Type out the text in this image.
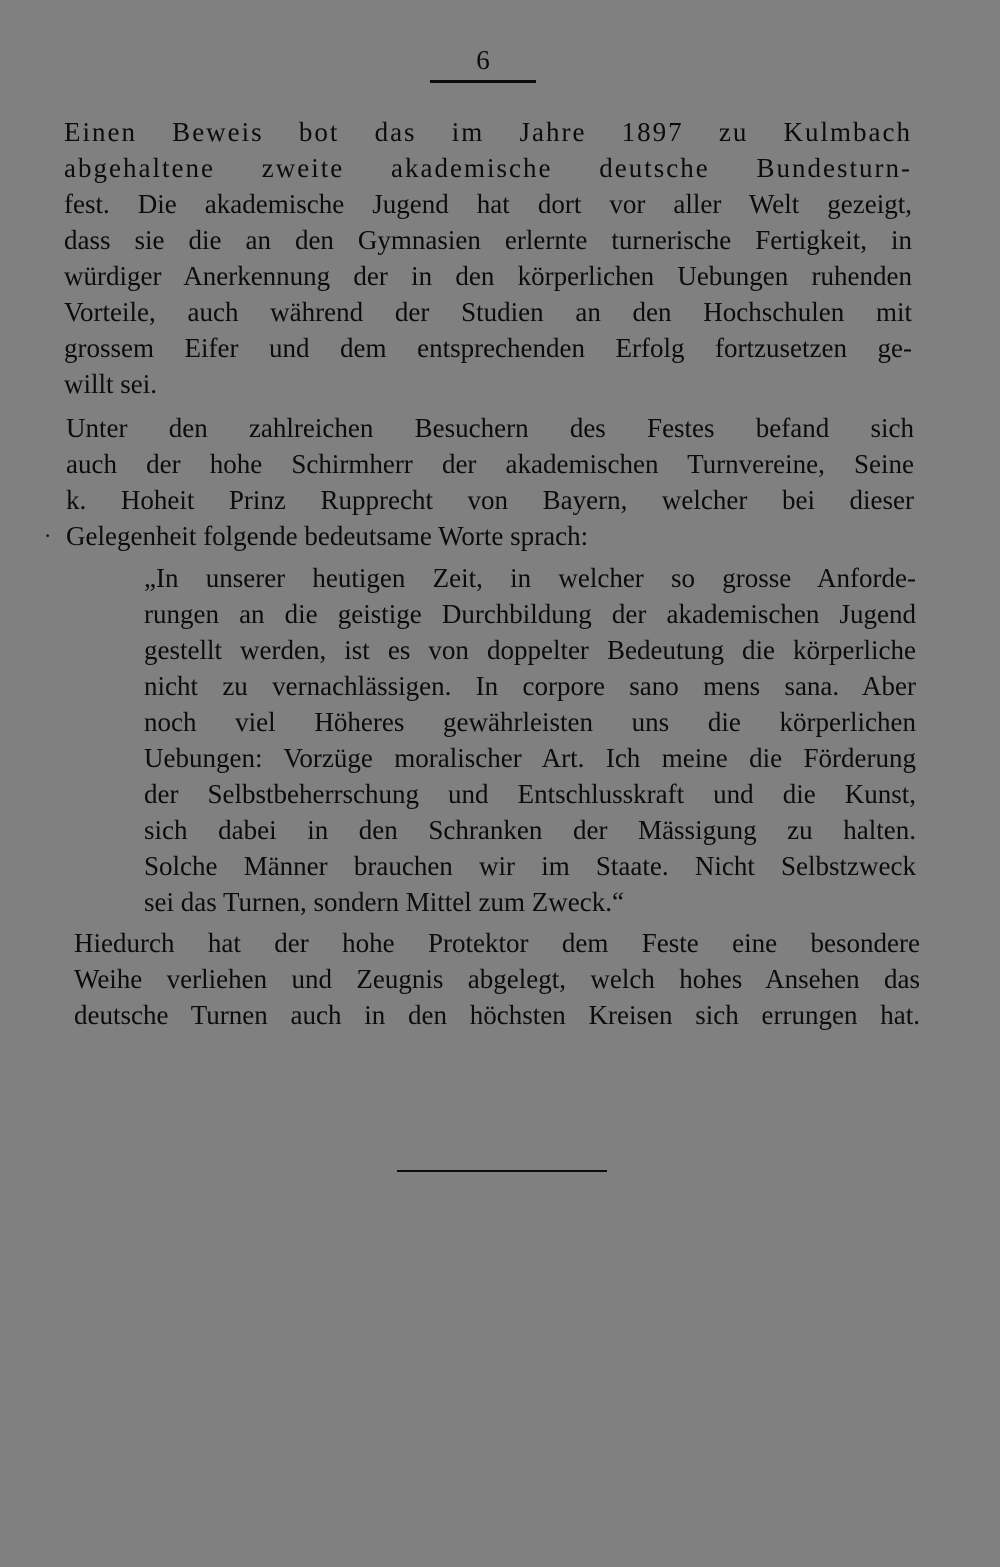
6
Einen Beweis bot das im Jahre 1897 zu Kulmbach
abgehaltene zweite akademische deutsche Bundesturn-
fest. Die akademische Jugend hat dort vor aller Welt gezeigt,
dass sie die an den Gymnasien erlernte turnerische Fertigkeit, in
würdiger Anerkennung der in den körperlichen Uebungen ruhenden
Vorteile, auch während der Studien an den Hochschulen mit
grossem Eifer und dem entsprechenden Erfolg fortzusetzen ge-
willt sei.
·
Unter den zahlreichen Besuchern des Festes befand sich
auch der hohe Schirmherr der akademischen Turnvereine, Seine
k. Hoheit Prinz Rupprecht von Bayern, welcher bei dieser
Gelegenheit folgende bedeutsame Worte sprach:
„In unserer heutigen Zeit, in welcher so grosse Anforde-
rungen an die geistige Durchbildung der akademischen Jugend
gestellt werden, ist es von doppelter Bedeutung die körperliche
nicht zu vernachlässigen. In corpore sano mens sana. Aber
noch viel Höheres gewährleisten uns die körperlichen
Uebungen: Vorzüge moralischer Art. Ich meine die Förderung
der Selbstbeherrschung und Entschlusskraft und die Kunst,
sich dabei in den Schranken der Mässigung zu halten.
Solche Männer brauchen wir im Staate. Nicht Selbstzweck
sei das Turnen, sondern Mittel zum Zweck.“
Hiedurch hat der hohe Protektor dem Feste eine besondere
Weihe verliehen und Zeugnis abgelegt, welch hohes Ansehen das
deutsche Turnen auch in den höchsten Kreisen sich errungen hat.
